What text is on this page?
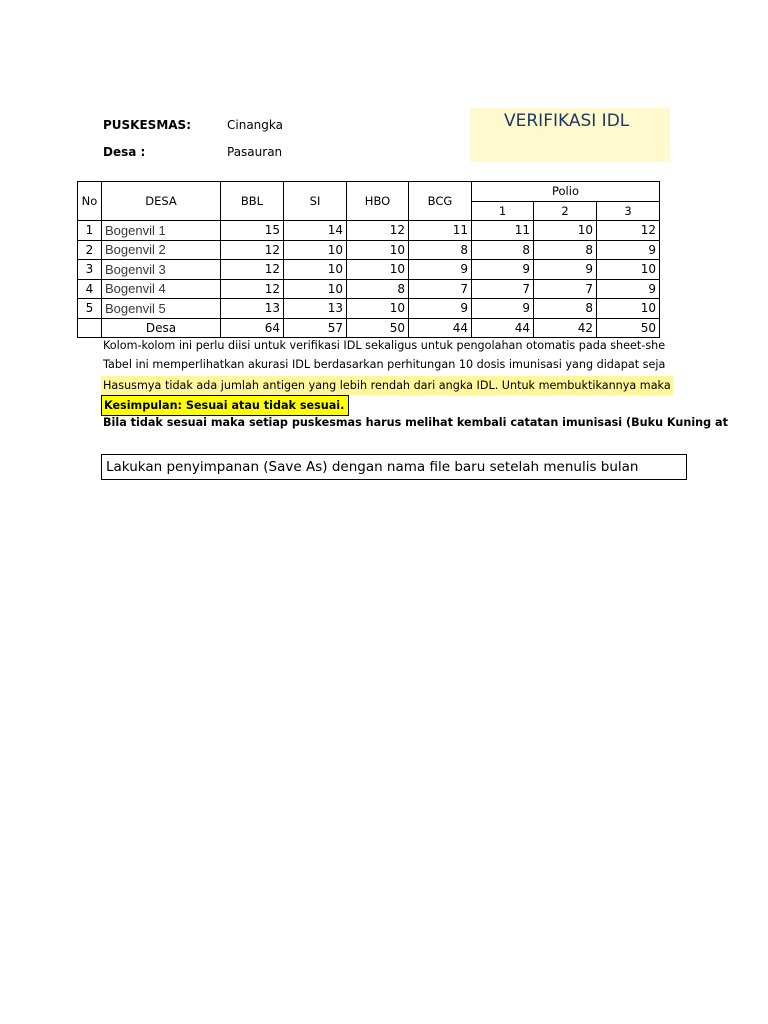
PUSKESMAS:	Cinangka
Desa :	Pasauran
VERIFIKASI IDL
No	DESA	BBL	SI	HBO	BCG	Polio		
						1	2	3
1	Bogenvil 1	15	14	12	11	11	10	12
2	Bogenvil 2	12	10	10	8	8	8	9
3	Bogenvil 3	12	10	10	9	9	9	10
4	Bogenvil 4	12	10	8	7	7	7	9
5	Bogenvil 5	13	13	10	9	9	8	10
	Desa	64	57	50	44	44	42	50
Kolom-kolom ini perlu diisi untuk verifikasi IDL sekaligus untuk pengolahan otomatis pada sheet-she
Tabel ini memperlihatkan akurasi IDL berdasarkan perhitungan 10 dosis imunisasi yang didapat seja
Hasusmya tidak ada jumlah antigen yang lebih rendah dari angka IDL. Untuk membuktikannya maka
Kesimpulan: Sesuai atau tidak sesuai.
Bila tidak sesuai maka setiap puskesmas harus melihat kembali catatan imunisasi (Buku Kuning at
Lakukan penyimpanan (Save As) dengan nama file baru setelah menulis bulan
